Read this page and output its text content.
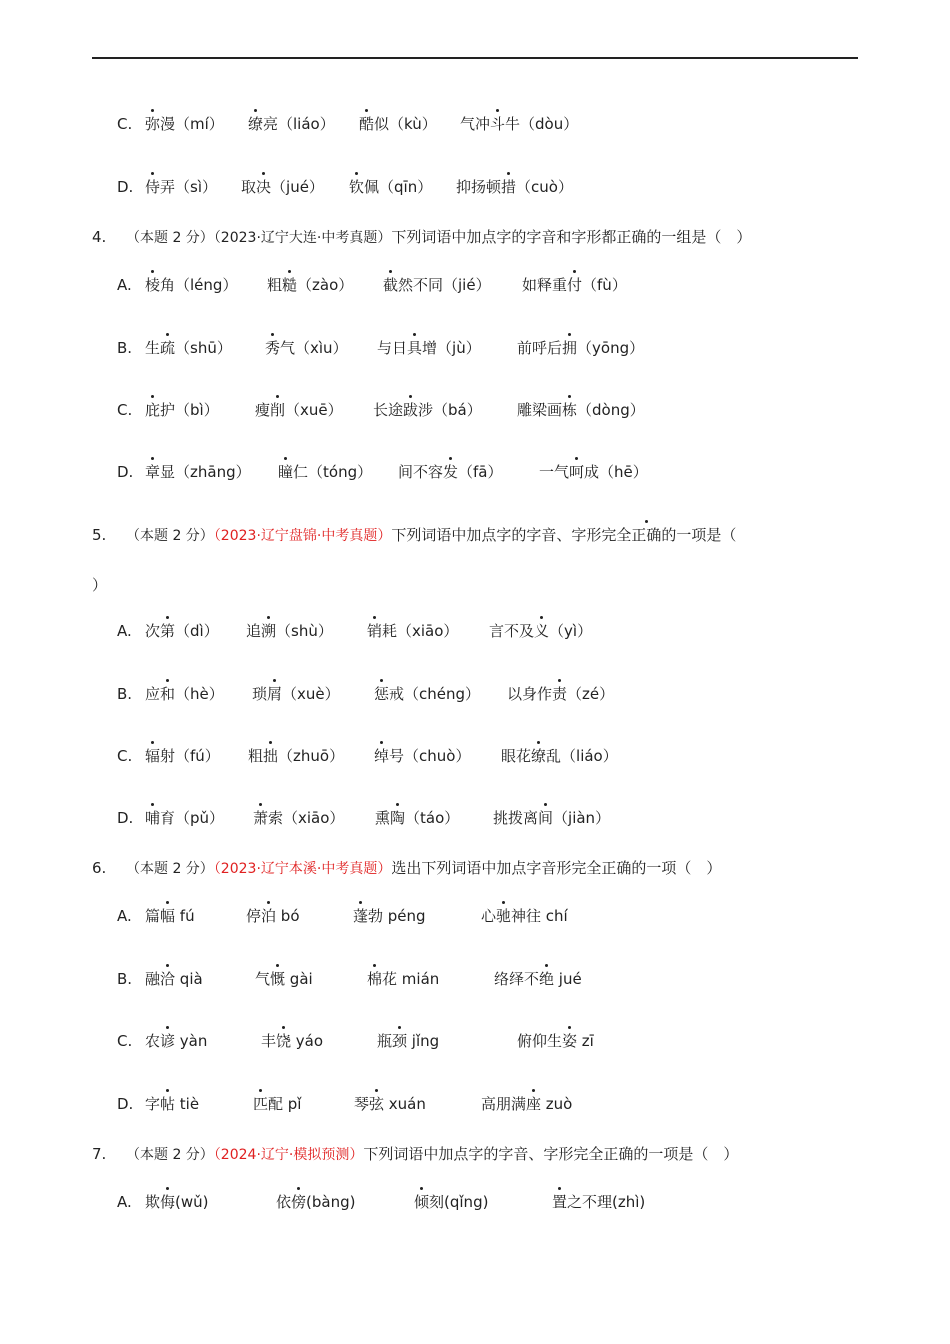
C. 弥漫（mí） 缭亮（liáo） 酷似（kù） 气冲斗牛（dòu）
D. 侍弄（sì） 取决（jué） 钦佩（qīn） 抑扬顿措（cuò）
4. （本题 2 分）（2023·辽宁大连·中考真题）下列词语中加点字的字音和字形都正确的一组是（　）
A. 棱角（léng） 粗糙（zào） 截然不同（jié） 如释重付（fù）
B. 生疏（shū） 秀气（xìu） 与日具增（jù） 前呼后拥（yōng）
C. 庇护（bì） 瘦削（xuē） 长途跋涉（bá） 雕梁画栋（dòng）
D. 章显（zhāng） 瞳仁（tóng） 间不容发（fā） 一气呵成（hē）
5. （本题 2 分）（2023·辽宁盘锦·中考真题）下列词语中加点字的字音、字形完全正确的一项是（
）
A. 次第（dì） 追溯（shù） 销耗（xiāo） 言不及义（yì）
B. 应和（hè） 琐屑（xuè） 惩戒（chéng） 以身作责（zé）
C. 辐射（fú） 粗拙（zhuō） 绰号（chuò） 眼花缭乱（liáo）
D. 哺育（pǔ） 萧索（xiāo） 熏陶（táo） 挑拨离间（jiàn）
6. （本题 2 分）（2023·辽宁本溪·中考真题）选出下列词语中加点字音形完全正确的一项（　）
A. 篇幅 fú	停泊 bó	蓬勃 péng	心驰神往 chí
B. 融洽 qià	气慨 gài	棉花 mián	络绎不绝 jué
C. 农谚 yàn	丰饶 yáo	瓶颈 jǐng	俯仰生姿 zī
D. 字帖 tiè	匹配 pǐ	琴弦 xuán	高朋满座 zuò
7. （本题 2 分）（2024·辽宁·模拟预测）下列词语中加点字的字音、字形完全正确的一项是（　）
A. 欺侮(wǔ)	依傍(bàng)	倾刻(qǐng)	置之不理(zhì)
